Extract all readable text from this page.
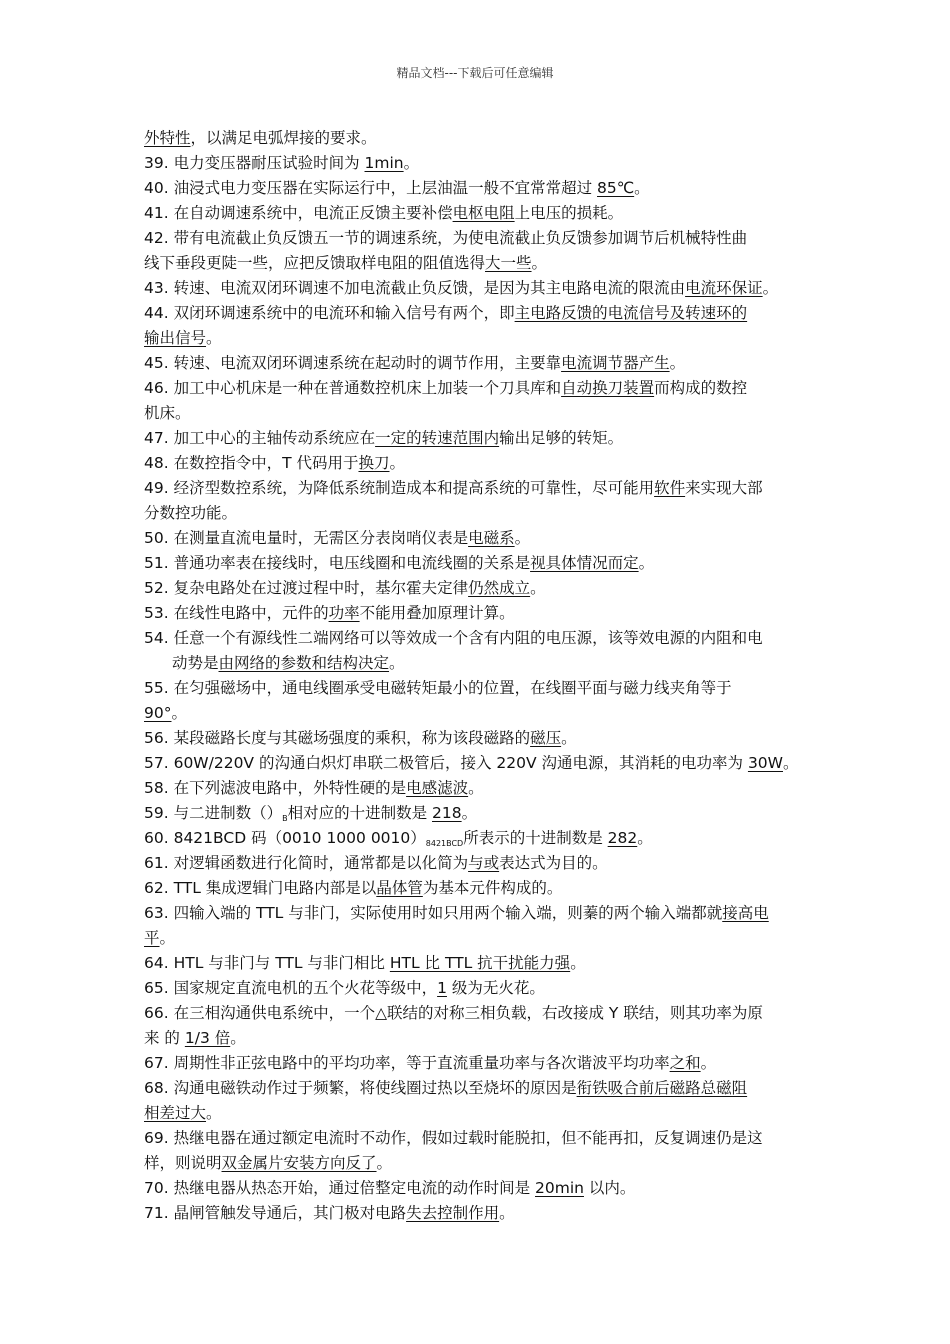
精品文档---下载后可任意编辑
外特性，以满足电弧焊接的要求。
39. 电力变压器耐压试验时间为 1min。
40. 油浸式电力变压器在实际运行中，上层油温一般不宜常常超过 85℃。
41. 在自动调速系统中，电流正反馈主要补偿电枢电阻上电压的损耗。
42. 带有电流截止负反馈五一节的调速系统，为使电流截止负反馈参加调节后机械特性曲
线下垂段更陡一些，应把反馈取样电阻的阻值选得大一些。
43. 转速、电流双闭环调速不加电流截止负反馈，是因为其主电路电流的限流由电流环保证。
44. 双闭环调速系统中的电流环和输入信号有两个，即主电路反馈的电流信号及转速环的
输出信号。
45. 转速、电流双闭环调速系统在起动时的调节作用，主要靠电流调节器产生。
46. 加工中心机床是一种在普通数控机床上加装一个刀具库和自动换刀装置而构成的数控
机床。
47. 加工中心的主轴传动系统应在一定的转速范围内输出足够的转矩。
48. 在数控指令中，T 代码用于换刀。
49. 经济型数控系统，为降低系统制造成本和提高系统的可靠性，尽可能用软件来实现大部
分数控功能。
50. 在测量直流电量时，无需区分表岗哨仪表是电磁系。
51. 普通功率表在接线时，电压线圈和电流线圈的关系是视具体情况而定。
52. 复杂电路处在过渡过程中时，基尔霍夫定律仍然成立。
53. 在线性电路中，元件的功率不能用叠加原理计算。
54. 任意一个有源线性二端网络可以等效成一个含有内阻的电压源，该等效电源的内阻和电
动势是由网络的参数和结构决定。
55. 在匀强磁场中，通电线圈承受电磁转矩最小的位置，在线圈平面与磁力线夹角等于
90°。
56. 某段磁路长度与其磁场强度的乘积，称为该段磁路的磁压。
57. 60W/220V 的沟通白炽灯串联二极管后，接入 220V 沟通电源，其消耗的电功率为 30W。
58. 在下列滤波电路中，外特性硬的是电感滤波。
59. 与二进制数$()_B$相对应的十进制数是 218。
60. 8421BCD 码（0010 1000 $0010)_{8421BCD}$所表示的十进制数是 282。
61. 对逻辑函数进行化简时，通常都是以化简为与或表达式为目的。
62. TTL 集成逻辑门电路内部是以晶体管为基本元件构成的。
63. 四输入端的 TTL 与非门，实际使用时如只用两个输入端，则蓁的两个输入端都就接高电
平。
64. HTL 与非门与 TTL 与非门相比 HTL 比 TTL 抗干扰能力强。
65. 国家规定直流电机的五个火花等级中，1 级为无火花。
66. 在三相沟通供电系统中，一个△联结的对称三相负载，右改接成 Y 联结，则其功率为原
来 的 1/3 倍。
67. 周期性非正弦电路中的平均功率，等于直流重量功率与各次谐波平均功率之和。
68. 沟通电磁铁动作过于频繁，将使线圈过热以至烧坏的原因是衔铁吸合前后磁路总磁阻
相差过大。
69. 热继电器在通过额定电流时不动作，假如过载时能脱扣，但不能再扣，反复调速仍是这
样，则说明双金属片安装方向反了。
70. 热继电器从热态开始，通过倍整定电流的动作时间是 20min 以内。
71. 晶闸管触发导通后，其门极对电路失去控制作用。
